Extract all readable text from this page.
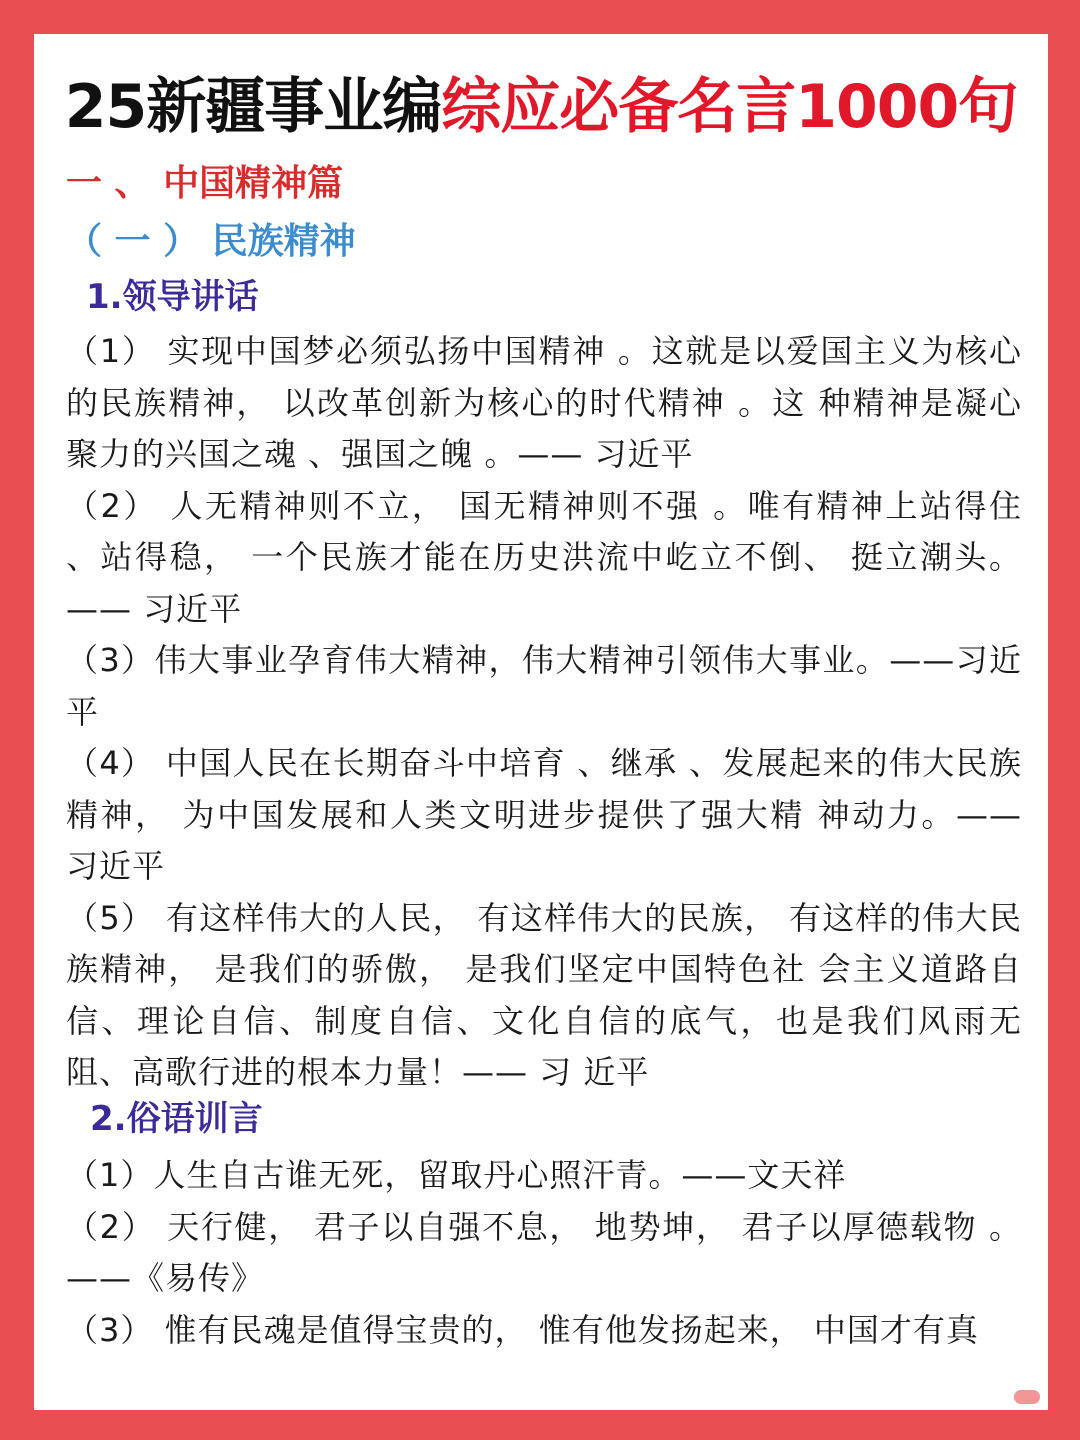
25新疆事业编综应必备名言1000句
一 、 中国精神篇
（ 一 ） 民族精神
1.领导讲话

（1） 实现中国梦必须弘扬中国精神 。这就是以爱国主义为核心的民族精神， 以改革创新为核心的时代精神 。这 种精神是凝心聚力的兴国之魂 、强国之魄 。—— 习近平

（2） 人无精神则不立， 国无精神则不强 。唯有精神上站得住 、站得稳， 一个民族才能在历史洪流中屹立不倒、 挺立潮头。—— 习近平

（3）伟大事业孕育伟大精神，伟大精神引领伟大事业。——习近平

（4） 中国人民在长期奋斗中培育 、继承 、发展起来的伟大民族精神， 为中国发展和人类文明进步提供了强大精 神动力。—— 习近平

（5） 有这样伟大的人民， 有这样伟大的民族， 有这样的伟大民族精神， 是我们的骄傲， 是我们坚定中国特色社 会主义道路自信、理论自信、制度自信、文化自信的底气，也是我们风雨无阻、高歌行进的根本力量！—— 习 近平

2.俗语训言

（1）人生自古谁无死，留取丹心照汗青。——文天祥

（2） 天行健， 君子以自强不息， 地势坤， 君子以厚德载物 。——《易传》

（3） 惟有民魂是值得宝贵的， 惟有他发扬起来， 中国才有真
